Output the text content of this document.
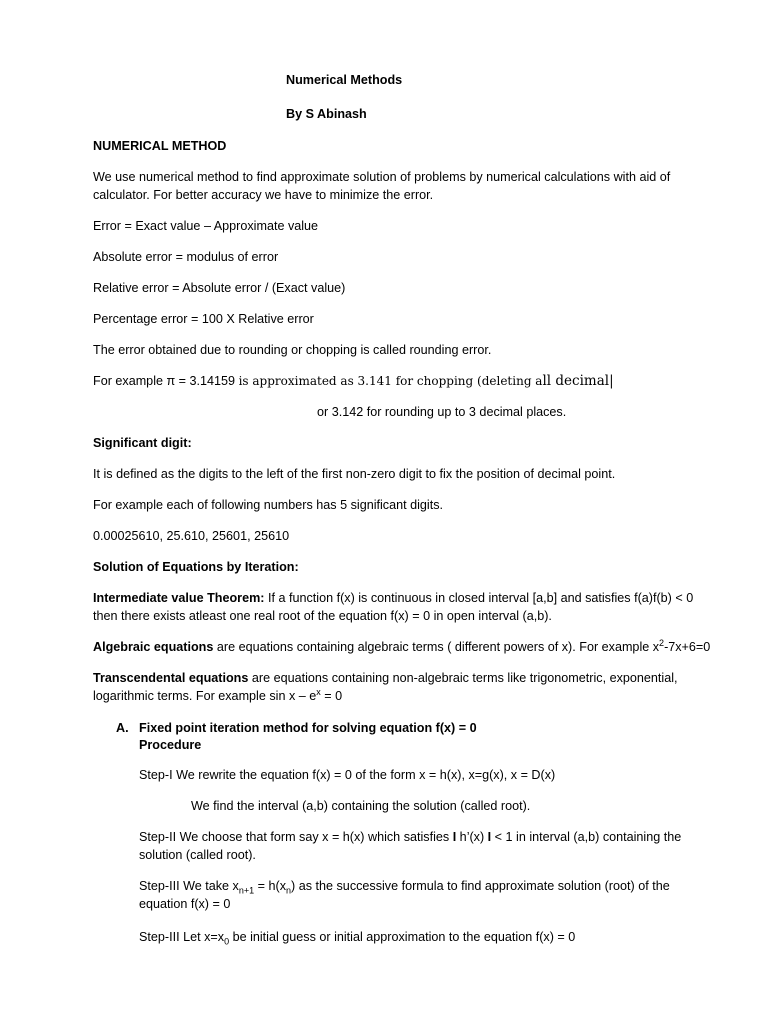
Numerical Methods
By S Abinash
NUMERICAL METHOD
We use numerical method to find approximate solution of problems by numerical calculations with aid of
calculator. For better accuracy we have to minimize the error.
Error = Exact value – Approximate value
Absolute error = modulus of error
Relative error = Absolute error / (Exact value)
Percentage error = 100 X Relative error
The error obtained due to rounding or chopping is called rounding error.
For example π = 3.14159 is approximated as 3.141 for chopping (deleting all decimal|
or 3.142 for rounding up to 3 decimal places.
Significant digit:
It is defined as the digits to the left of the first non-zero digit to fix the position of decimal point.
For example each of following numbers has 5 significant digits.
0.00025610, 25.610, 25601, 25610
Solution of Equations by Iteration:
Intermediate value Theorem: If a function f(x) is continuous in closed interval [a,b] and satisfies f(a)f(b) < 0
then there exists atleast one real root of the equation f(x) = 0 in open interval (a,b).
Algebraic equations are equations containing algebraic terms ( different powers of x). For example $x^2-7x+6=0$
Transcendental equations are equations containing non-algebraic terms like trigonometric, exponential,
logarithmic terms. For example $\sin x - e^x = 0$
A. Fixed point iteration method for solving equation f(x) = 0
Procedure
Step-I We rewrite the equation f(x) = 0 of the form x = h(x), x=g(x), x = D(x)
We find the interval (a,b) containing the solution (called root).
Step-II We choose that form say x = h(x) which satisfies I h’(x) I < 1 in interval (a,b) containing the
solution (called root).
Step-III We take $x_{n+1} = h(x_n)$ as the successive formula to find approximate solution (root) of the
equation f(x) = 0
Step-III Let $x=x_0$ be initial guess or initial approximation to the equation f(x) = 0
